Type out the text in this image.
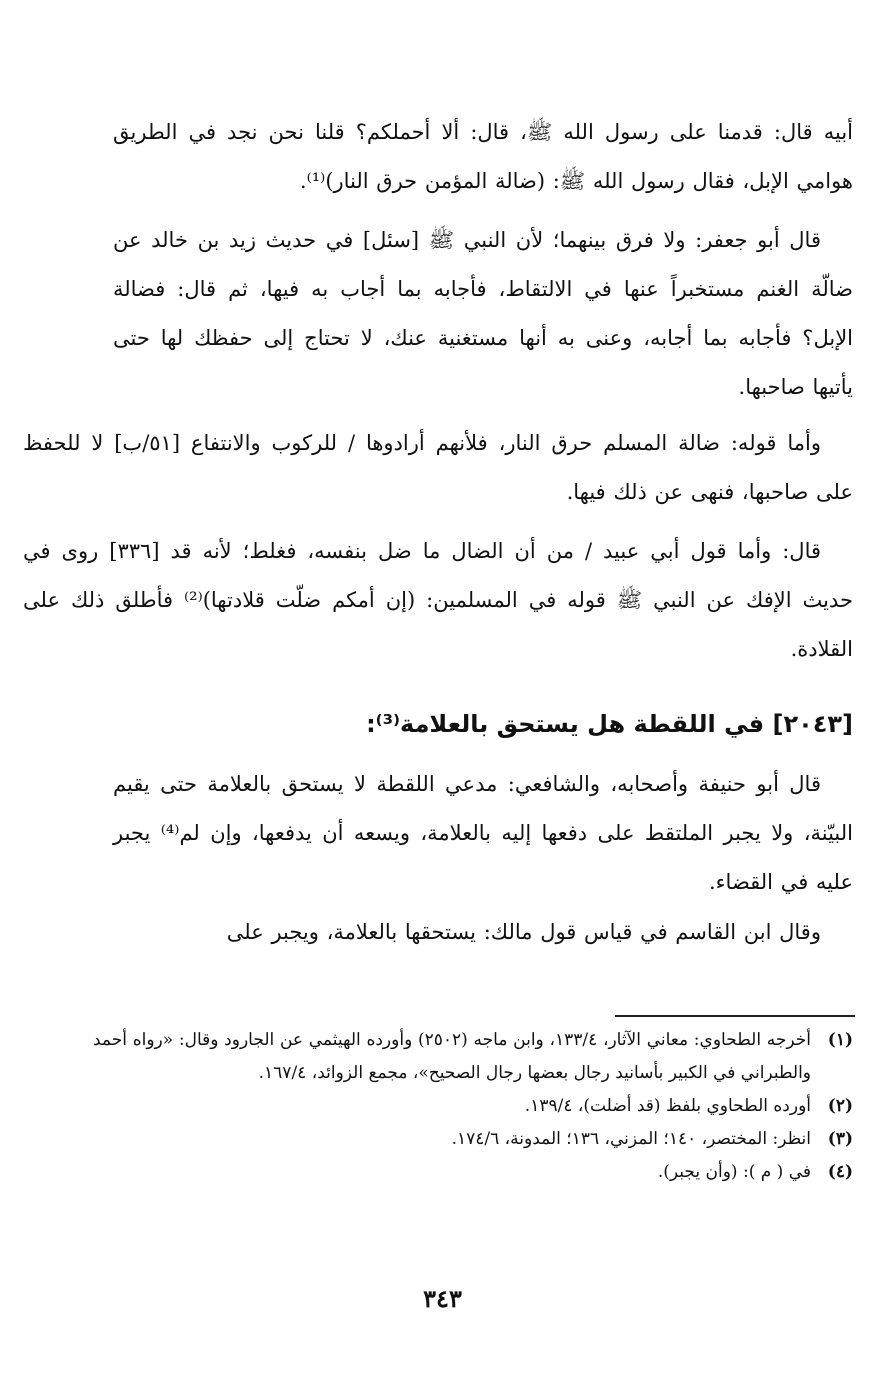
أبيه قال: قدمنا على رسول الله ﷺ، قال: ألا أحملكم؟ قلنا نحن نجد في الطريق هوامي الإبل، فقال رسول الله ﷺ: (ضالة المؤمن حرق النار)⁽¹⁾.
قال أبو جعفر: ولا فرق بينهما؛ لأن النبي ﷺ [سئل] في حديث زيد بن خالد عن ضالّة الغنم مستخبراً عنها في الالتقاط، فأجابه بما أجاب به فيها، ثم قال: فضالة الإبل؟ فأجابه بما أجابه، وعنى به أنها مستغنية عنك، لا تحتاج إلى حفظك لها حتى يأتيها صاحبها.
وأما قوله: ضالة المسلم حرق النار، فلأنهم أرادوها / للركوب والانتفاع [٥١/ب] لا للحفظ على صاحبها، فنهى عن ذلك فيها.
قال: وأما قول أبي عبيد / من أن الضال ما ضل بنفسه، فغلط؛ لأنه قد [٣٣٦] روى في حديث الإفك عن النبي ﷺ قوله في المسلمين: (إن أمكم ضلّت قلادتها)⁽²⁾ فأطلق ذلك على القلادة.
[٢٠٤٣] في اللقطة هل يستحق بالعلامة⁽³⁾:
قال أبو حنيفة وأصحابه، والشافعي: مدعي اللقطة لا يستحق بالعلامة حتى يقيم البيّنة، ولا يجبر الملتقط على دفعها إليه بالعلامة، ويسعه أن يدفعها، وإن لم⁽⁴⁾ يجبر عليه في القضاء.
وقال ابن القاسم في قياس قول مالك: يستحقها بالعلامة، ويجبر على
(١)
أخرجه الطحاوي: معاني الآثار، ١٣٣/٤، وابن ماجه (٢٥٠٢) وأورده الهيثمي عن الجارود وقال: «رواه أحمد والطبراني في الكبير بأسانيد رجال بعضها رجال الصحيح»، مجمع الزوائد، ١٦٧/٤.
(٢)
أورده الطحاوي بلفظ (قد أضلت)، ١٣٩/٤.
(٣)
انظر: المختصر، ١٤٠؛ المزني، ١٣٦؛ المدونة، ١٧٤/٦.
(٤)
في ( م ): (وأن يجبر).
٣٤٣
